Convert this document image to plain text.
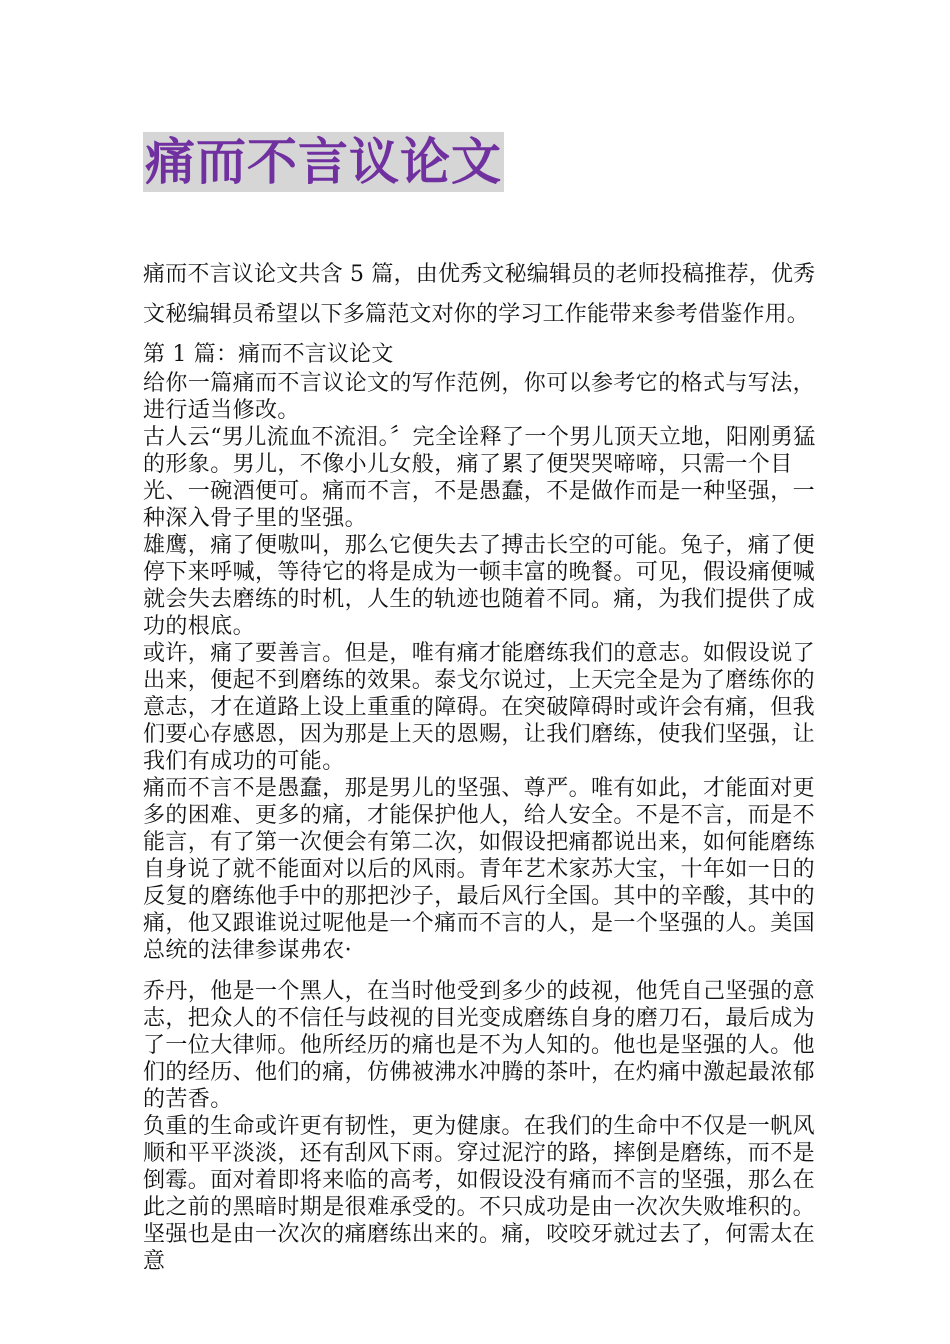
痛而不言议论文

痛而不言议论文共含 5 篇，由优秀文秘编辑员的老师投稿推荐，优秀文秘编辑员希望以下多篇范文对你的学习工作能带来参考借鉴作用。第 1 篇：痛而不言议论文

给你一篇痛而不言议论文的写作范例，你可以参考它的格式与写法，进行适当修改。

古人云“男儿流血不流泪。〞完全诠释了一个男儿顶天立地，阳刚勇猛的形象。男儿，不像小儿女般，痛了累了便哭哭啼啼，只需一个目光、一碗酒便可。痛而不言，不是愚蠢，不是做作而是一种坚强，一种深入骨子里的坚强。

雄鹰，痛了便嗷叫，那么它便失去了搏击长空的可能。兔子，痛了便停下来呼喊，等待它的将是成为一顿丰富的晚餐。可见，假设痛便喊就会失去磨练的时机，人生的轨迹也随着不同。痛，为我们提供了成功的根底。

或许，痛了要善言。但是，唯有痛才能磨练我们的意志。如假设说了出来，便起不到磨练的效果。泰戈尔说过，上天完全是为了磨练你的意志，才在道路上设上重重的障碍。在突破障碍时或许会有痛，但我们要心存感恩，因为那是上天的恩赐，让我们磨练，使我们坚强，让我们有成功的可能。

痛而不言不是愚蠢，那是男儿的坚强、尊严。唯有如此，才能面对更多的困难、更多的痛，才能保护他人，给人安全。不是不言，而是不能言，有了第一次便会有第二次，如假设把痛都说出来，如何能磨练自身说了就不能面对以后的风雨。青年艺术家苏大宝，十年如一日的反复的磨练他手中的那把沙子，最后风行全国。其中的辛酸，其中的痛，他又跟谁说过呢他是一个痛而不言的人，是一个坚强的人。美国总统的法律参谋弗农·

乔丹，他是一个黑人，在当时他受到多少的歧视，他凭自己坚强的意志，把众人的不信任与歧视的目光变成磨练自身的磨刀石，最后成为了一位大律师。他所经历的痛也是不为人知的。他也是坚强的人。他们的经历、他们的痛，仿佛被沸水冲腾的茶叶，在灼痛中激起最浓郁的苦香。

负重的生命或许更有韧性，更为健康。在我们的生命中不仅是一帆风顺和平平淡淡，还有刮风下雨。穿过泥泞的路，摔倒是磨练，而不是倒霉。面对着即将来临的高考，如假设没有痛而不言的坚强，那么在此之前的黑暗时期是很难承受的。不只成功是由一次次失败堆积的。坚强也是由一次次的痛磨练出来的。痛，咬咬牙就过去了，何需太在意
